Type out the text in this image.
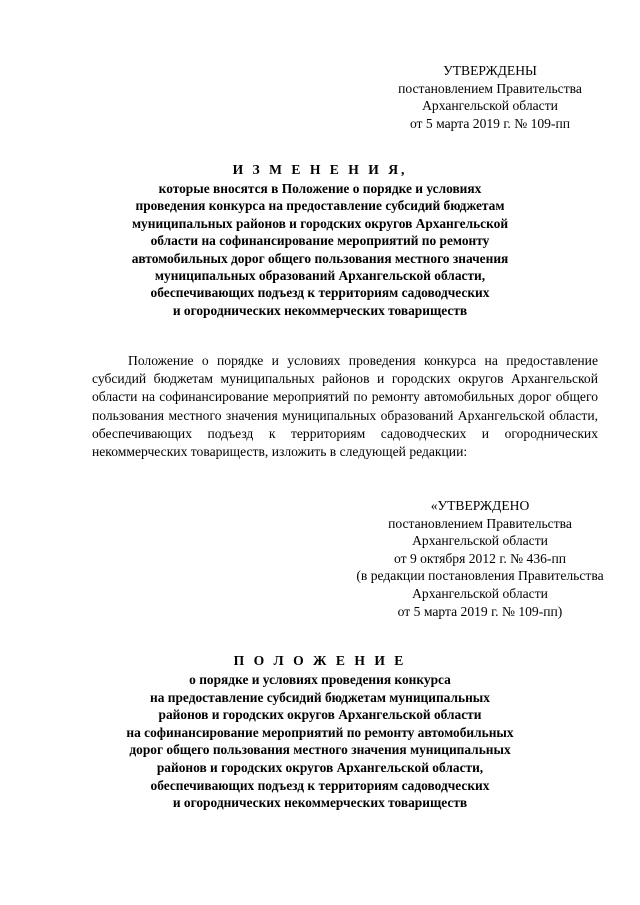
УТВЕРЖДЕНЫ
постановлением Правительства
Архангельской области
от 5 марта 2019 г. № 109-пп
И З М Е Н Е Н И Я,
которые вносятся в Положение о порядке и условиях
проведения конкурса на предоставление субсидий бюджетам
муниципальных районов и городских округов Архангельской
области на софинансирование мероприятий по ремонту
автомобильных дорог общего пользования местного значения
муниципальных образований Архангельской области,
обеспечивающих подъезд к территориям садоводческих
и огороднических некоммерческих товариществ

Положение о порядке и условиях проведения конкурса на предоставление субсидий бюджетам муниципальных районов и городских округов Архангельской области на софинансирование мероприятий по ремонту автомобильных дорог общего пользования местного значения муниципальных образований Архангельской области, обеспечивающих подъезд к территориям садоводческих и огороднических некоммерческих товариществ, изложить в следующей редакции:

«УТВЕРЖДЕНО
постановлением Правительства
Архангельской области
от 9 октября 2012 г. № 436-пп
(в редакции постановления Правительства
Архангельской области
от 5 марта 2019 г. № 109-пп)
П О Л О Ж Е Н И Е
о порядке и условиях проведения конкурса
на предоставление субсидий бюджетам муниципальных
районов и городских округов Архангельской области
на софинансирование мероприятий по ремонту автомобильных
дорог общего пользования местного значения муниципальных
районов и городских округов Архангельской области,
обеспечивающих подъезд к территориям садоводческих
и огороднических некоммерческих товариществ
